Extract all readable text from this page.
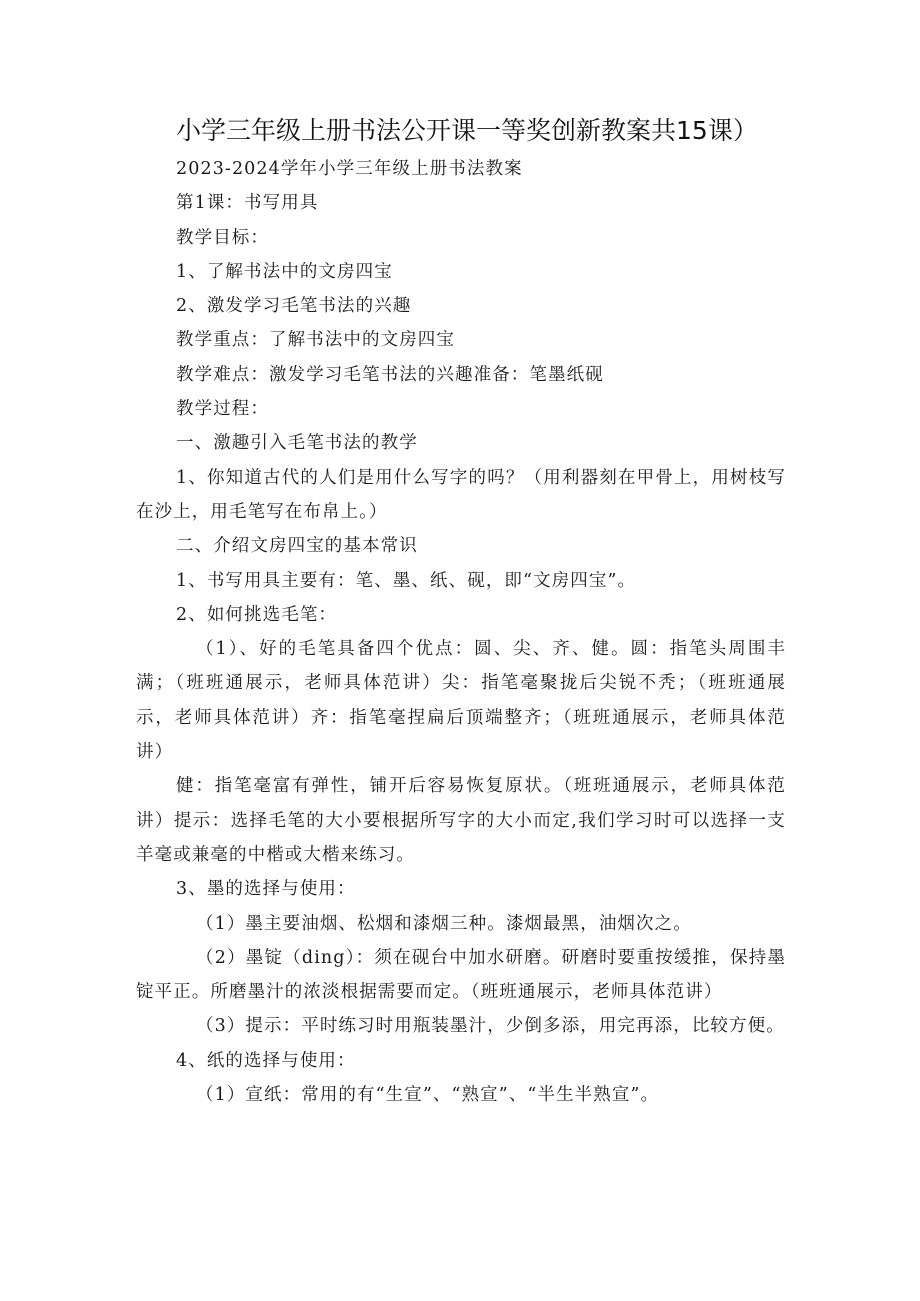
小学三年级上册书法公开课一等奖创新教案共15课）

2023-2024学年小学三年级上册书法教案

第1课：书写用具

教学目标：

1、了解书法中的文房四宝

2、激发学习毛笔书法的兴趣

教学重点：了解书法中的文房四宝

教学难点：激发学习毛笔书法的兴趣准备：笔墨纸砚

教学过程：

一、激趣引入毛笔书法的教学

1、你知道古代的人们是用什么写字的吗？（用利器刻在甲骨上，用树枝写在沙上，用毛笔写在布帛上。）

二、介绍文房四宝的基本常识

1、书写用具主要有：笔、墨、纸、砚，即“文房四宝”。

2、如何挑选毛笔：

（1）、好的毛笔具备四个优点：圆、尖、齐、健。圆：指笔头周围丰满；（班班通展示，老师具体范讲）尖：指笔毫聚拢后尖锐不秃；（班班通展示，老师具体范讲）齐：指笔毫捏扁后顶端整齐；（班班通展示，老师具体范讲）

健：指笔毫富有弹性，铺开后容易恢复原状。（班班通展示，老师具体范讲）提示：选择毛笔的大小要根据所写字的大小而定,我们学习时可以选择一支羊毫或兼毫的中楷或大楷来练习。

3、墨的选择与使用：

（1）墨主要油烟、松烟和漆烟三种。漆烟最黑，油烟次之。

（2）墨锭（ding）：须在砚台中加水研磨。研磨时要重按缓推，保持墨锭平正。所磨墨汁的浓淡根据需要而定。（班班通展示，老师具体范讲）

（3）提示：平时练习时用瓶装墨汁，少倒多添，用完再添，比较方便。

4、纸的选择与使用：

（1）宣纸：常用的有“生宣”、“熟宣”、“半生半熟宣”。
